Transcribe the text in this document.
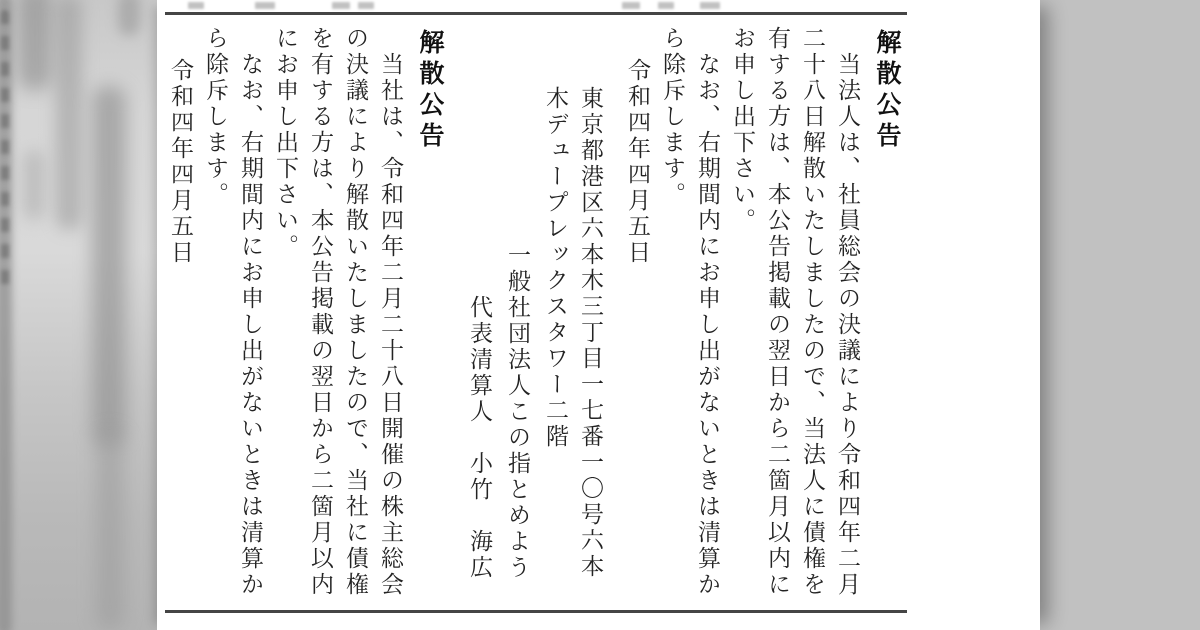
解散公告

当法人は、社員総会の決議により令和四年二月二十八日解散いたしましたので、当法人に債権を有する方は、本公告掲載の翌日から二箇月以内にお申し出下さい。

なお、右期間内にお申し出がないときは清算から除斥します。

令和四年四月五日

東京都港区六本木三丁目一七番一〇号六本木デュープレックスタワー二階

一般社団法人この指とめよう

代表清算人　小竹　海広

解散公告

当社は、令和四年二月二十八日開催の株主総会の決議により解散いたしましたので、当社に債権を有する方は、本公告掲載の翌日から二箇月以内にお申し出下さい。

なお、右期間内にお申し出がないときは清算から除斥します。

令和四年四月五日
